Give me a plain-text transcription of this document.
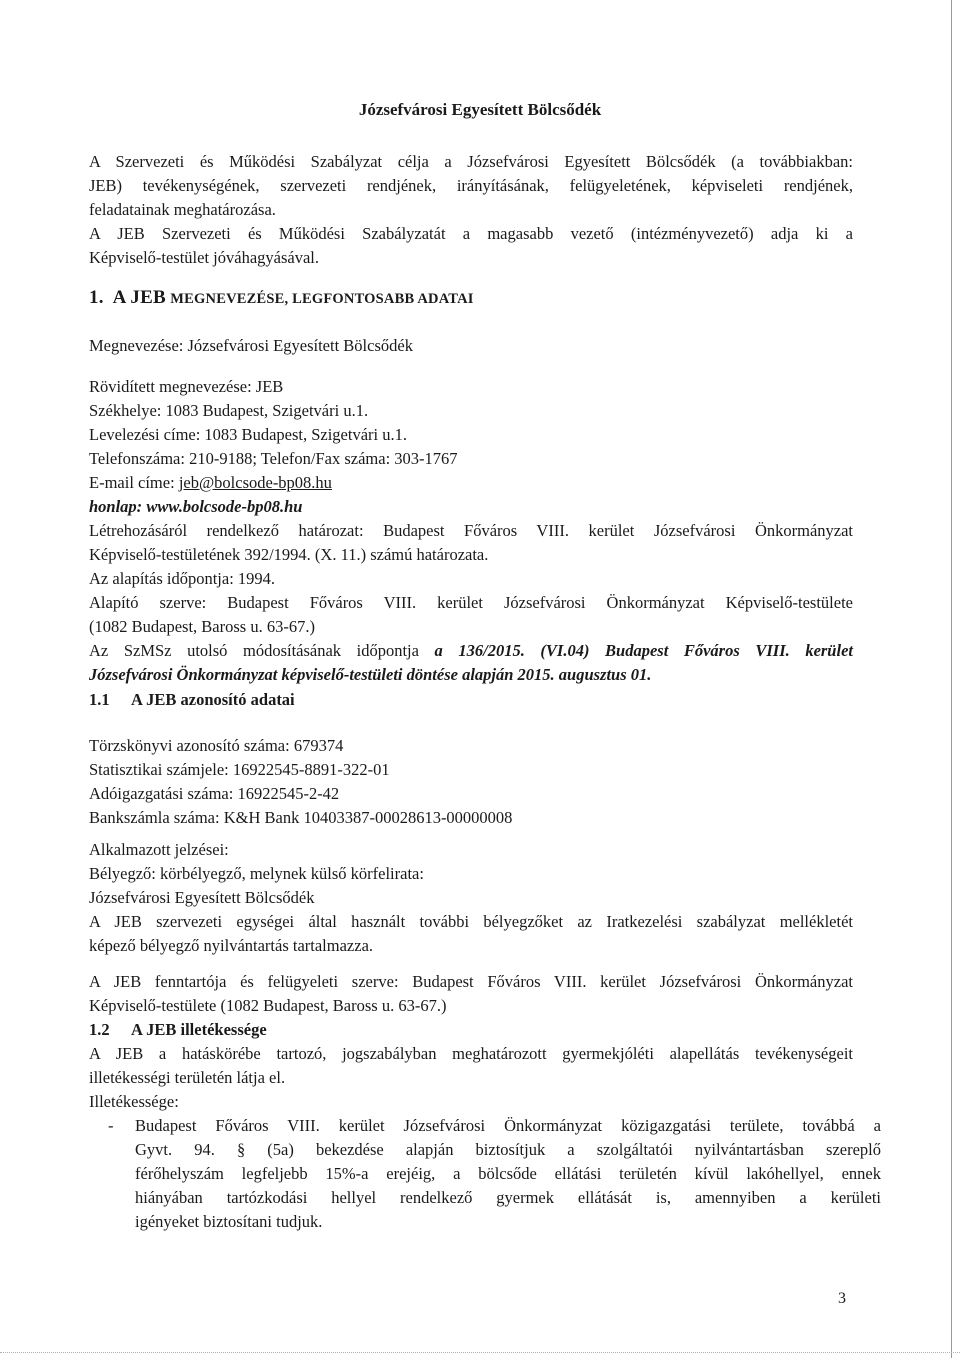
Józsefvárosi Egyesített Bölcsődék

A Szervezeti és Működési Szabályzat célja a Józsefvárosi Egyesített Bölcsődék (a továbbiakban:

JEB) tevékenységének, szervezeti rendjének, irányításának, felügyeletének, képviseleti rendjének,

feladatainak meghatározása.

A JEB Szervezeti és Működési Szabályzatát a magasabb vezető (intézményvezető) adja ki a

Képviselő-testület jóváhagyásával.

1. A JEB MEGNEVEZÉSE, LEGFONTOSABB ADATAI

Megnevezése: Józsefvárosi Egyesített Bölcsődék

Rövidített megnevezése: JEB

Székhelye: 1083 Budapest, Szigetvári u.1.

Levelezési címe: 1083 Budapest, Szigetvári u.1.

Telefonszáma: 210-9188; Telefon/Fax száma: 303-1767

E-mail címe: jeb@bolcsode-bp08.hu

honlap: www.bolcsode-bp08.hu

Létrehozásáról rendelkező határozat: Budapest Főváros VIII. kerület Józsefvárosi Önkormányzat

Képviselő-testületének 392/1994. (X. 11.) számú határozata.

Az alapítás időpontja: 1994.

Alapító szerve: Budapest Főváros VIII. kerület Józsefvárosi Önkormányzat Képviselő-testülete

(1082 Budapest, Baross u. 63-67.)

Az SzMSz utolsó módosításának időpontja a 136/2015. (VI.04) Budapest Főváros VIII. kerület

Józsefvárosi Önkormányzat képviselő-testületi döntése alapján 2015. augusztus 01.

1.1 A JEB azonosító adatai

Törzskönyvi azonosító száma: 679374

Statisztikai számjele: 16922545-8891-322-01

Adóigazgatási száma: 16922545-2-42

Bankszámla száma: K&H Bank 10403387-00028613-00000008

Alkalmazott jelzései:

Bélyegző: körbélyegző, melynek külső körfelirata:

Józsefvárosi Egyesített Bölcsődék

A JEB szervezeti egységei által használt további bélyegzőket az Iratkezelési szabályzat mellékletét

képező bélyegző nyilvántartás tartalmazza.

A JEB fenntartója és felügyeleti szerve: Budapest Főváros VIII. kerület Józsefvárosi Önkormányzat

Képviselő-testülete (1082 Budapest, Baross u. 63-67.)

1.2 A JEB illetékessége

A JEB a hatáskörébe tartozó, jogszabályban meghatározott gyermekjóléti alapellátás tevékenységeit

illetékességi területén látja el.

Illetékessége:

- Budapest Főváros VIII. kerület Józsefvárosi Önkormányzat közigazgatási területe, továbbá a

Gyvt. 94. § (5a) bekezdése alapján biztosítjuk a szolgáltatói nyilvántartásban szereplő

férőhelyszám legfeljebb 15%-a erejéig, a bölcsőde ellátási területén kívül lakóhellyel, ennek

hiányában tartózkodási hellyel rendelkező gyermek ellátását is, amennyiben a kerületi

igényeket biztosítani tudjuk.

3
